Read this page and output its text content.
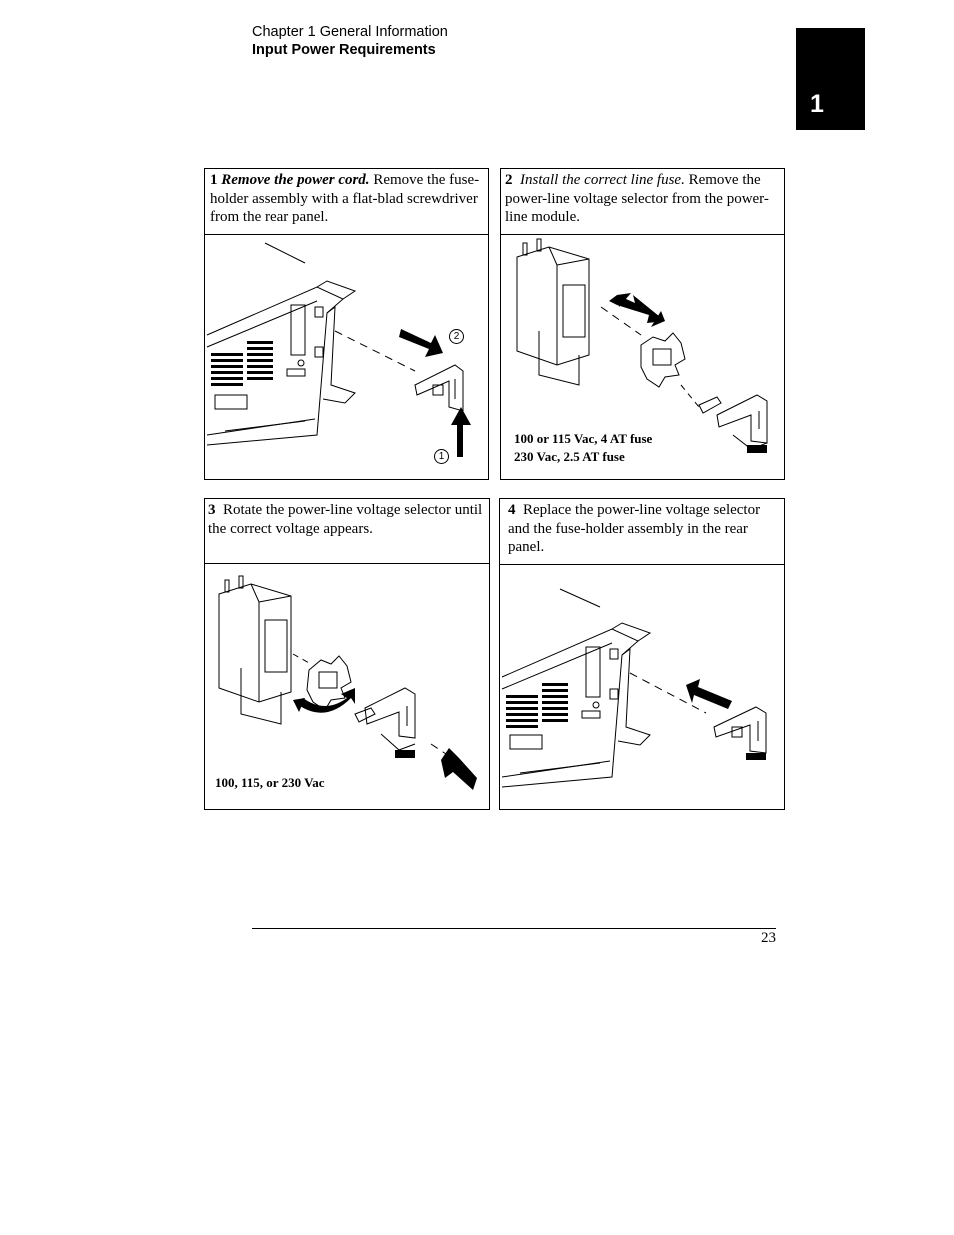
Chapter 1 General Information
Input Power Requirements
1
1 Remove the power cord. Remove the fuse-holder assembly with a flat-blad screwdriver from the rear panel.
2
1
2 Install the correct line fuse. Remove the power-line voltage selector from the power-line module.
100 or 115 Vac, 4 AT fuse
230 Vac, 2.5 AT fuse
3 Rotate the power-line voltage selector until the correct voltage appears.
100, 115, or 230 Vac
4 Replace the power-line voltage selector and the fuse-holder assembly in the rear panel.
23
